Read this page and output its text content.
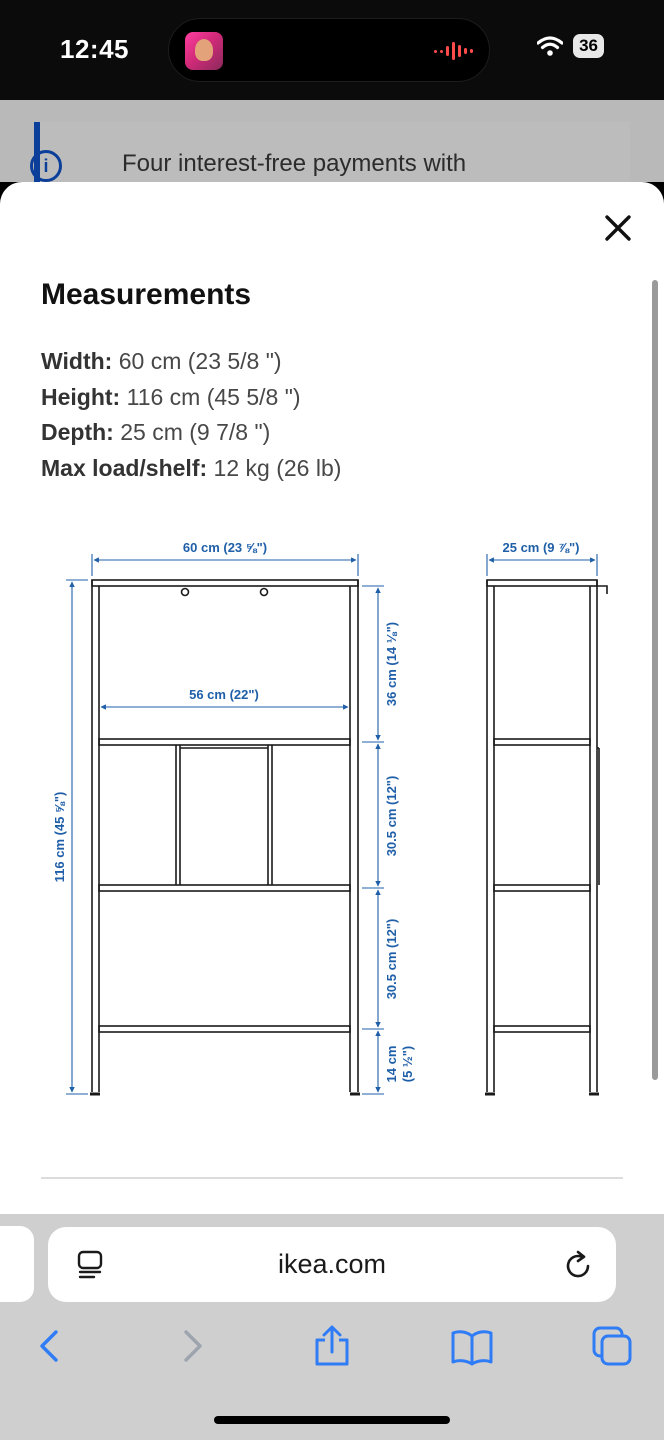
12:45	36
i	Four interest-free payments with
Measurements
Width: 60 cm (23 5/8 ")
Height: 116 cm (45 5/8 ")
Depth: 25 cm (9 7/8 ")
Max load/shelf: 12 kg (26 lb)
60 cm (23 ⅝")
56 cm (22")
116 cm (45 ⅝")
36 cm (14 ⅛")
30.5 cm (12")
30.5 cm (12")
14 cm (5 ½")
25 cm (9 ⅞")
ikea.com
